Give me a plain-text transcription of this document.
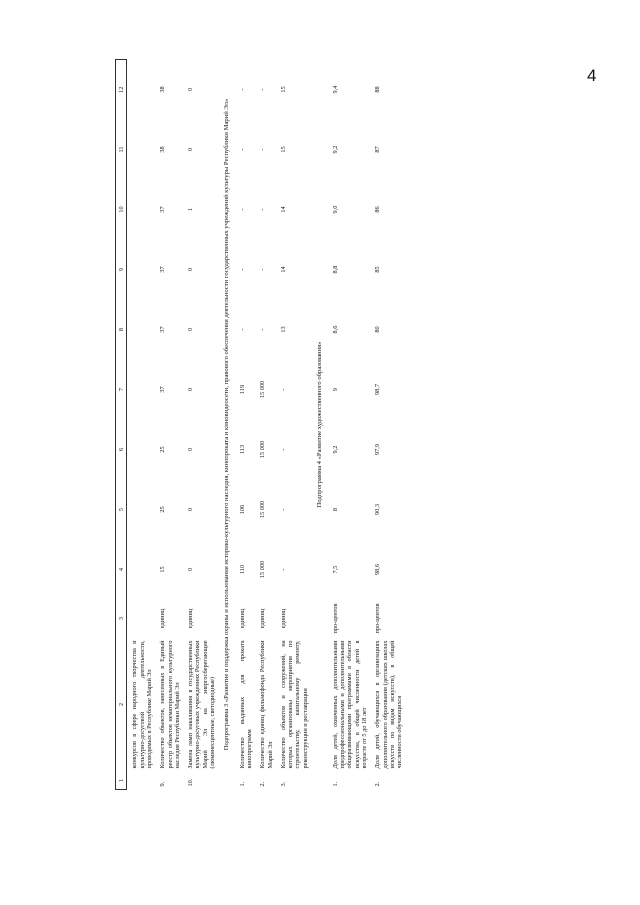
4
1	2	3	4	5	6	7	8	9	10	11	12
	конкурсов в сфере народного творчества и культурно-досуговой деятельности, проводимых в Республике Марий Эл										
9.	Количество объектов, занесенных в Единый реестр объектов нематериального культурного наследия Республики Марий Эл	единиц	15	25	25	37	37	37	37	38	38
10.	Замена ламп накаливания в государственных культурно-досуговых учреждениях Республики Марий Эл на энергосберегающие (люминесцентные, светодиодные)	единиц	0	0	0	0	0	0	1	0	0
Подпрограмма 3 «Развитие и поддержка охраны и использования историко-культурного наследия, кинопроката и киновидеосети, правового обеспечения деятельности государственных учреждений культуры Республики Марий Эл»											
1.	Количество выданных для проката кинопрограмм	единиц	110	106	113	119	-	-	-	-	-
2.	Количество единиц фильмофонда Республики Марий Эл	единиц	15 000	15 000	15 000	15 000	-	-	-	-	-
3.	Количество объектов и сооружений, на которых организованы мероприятия по строительству, капитальному ремонту, реконструкции и реставрации	единиц	-	-	-	-	13	14	14	15	15
Подпрограмма 4 «Развитие художественного образования»											
1.	Доля детей, охваченных дополнительными предпрофессиональными и дополнительными общеразвивающими программами в области искусства, в общей численности детей в возрасте от 5 до 18 лет	про-центов	7,5	8	9,2	9	8,6	8,8	9,0	9,2	9,4
2.	Доля детей, обучающихся в организациях дополнительного образования (детских школах искусств по видам искусств), в общей численности обучающихся	про-центов	98,6	90,3	97,9	98,7	80	85	86	87	88
